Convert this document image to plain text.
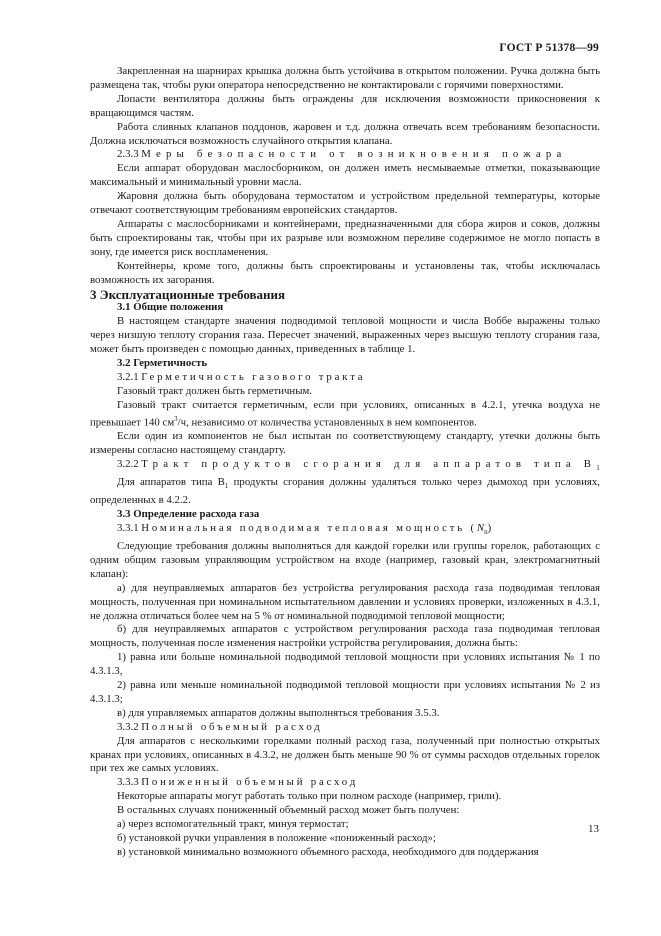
ГОСТ Р 51378—99

Закрепленная на шарнирах крышка должна быть устойчива в открытом положении. Ручка должна быть размещена так, чтобы руки оператора непосредственно не контактировали с горячими поверхностями.

Лопасти вентилятора должны быть ограждены для исключения возможности прикосновения к вращающимся частям.

Работа сливных клапанов поддонов, жаровен и т.д. должна отвечать всем требованиям безопасности. Должна исключаться возможность случайного открытия клапана.

2.3.3 Меры безопасности от возникновения пожара

Если аппарат оборудован маслосборником, он должен иметь несмываемые отметки, показывающие максимальный и минимальный уровни масла.

Жаровня должна быть оборудована термостатом и устройством предельной температуры, которые отвечают соответствующим требованиям европейских стандартов.

Аппараты с маслосборниками и контейнерами, предназначенными для сбора жиров и соков, должны быть спроектированы так, чтобы при их разрыве или возможном переливе содержимое не могло попасть в зону, где имеется риск воспламенения.

Контейнеры, кроме того, должны быть спроектированы и установлены так, чтобы исключалась возможность их загорания.

3 Эксплуатационные требования

3.1 Общие положения

В настоящем стандарте значения подводимой тепловой мощности и числа Воббе выражены только через низшую теплоту сгорания газа. Пересчет значений, выраженных через высшую теплоту сгорания газа, может быть произведен с помощью данных, приведенных в таблице 1.

3.2 Герметичность

3.2.1 Герметичность газового тракта

Газовый тракт должен быть герметичным.

Газовый тракт считается герметичным, если при условиях, описанных в 4.2.1, утечка воздуха не превышает 140 $см^3/ч$, независимо от количества установленных в нем компонентов.

Если один из компонентов не был испытан по соответствующему стандарту, утечки должны быть измерены согласно настоящему стандарту.

3.2.2 Тракт продуктов сгорания для аппаратов типа $В_1$

Для аппаратов типа $В_1$ продукты сгорания должны удаляться только через дымоход при условиях, определенных в 4.2.2.

3.3 Определение расхода газа

3.3.1 Номинальная подводимая тепловая мощность $(N_n)$

Следующие требования должны выполняться для каждой горелки или группы горелок, работающих с одним общим газовым управляющим устройством на входе (например, газовый кран, электромагнитный клапан):

а) для неуправляемых аппаратов без устройства регулирования расхода газа подводимая тепловая мощность, полученная при номинальном испытательном давлении и условиях проверки, изложенных в 4.3.1, не должна отличаться более чем на 5 % от номинальной подводимой тепловой мощности;

б) для неуправляемых аппаратов с устройством регулирования расхода газа подводимая тепловая мощность, полученная после изменения настройки устройства регулирования, должна быть:

1) равна или больше номинальной подводимой тепловой мощности при условиях испытания № 1 по 4.3.1.3,

2) равна или меньше номинальной подводимой тепловой мощности при условиях испытания № 2 из 4.3.1.3;

в) для управляемых аппаратов должны выполняться требования 3.5.3.

3.3.2 Полный объемный расход

Для аппаратов с несколькими горелками полный расход газа, полученный при полностью открытых кранах при условиях, описанных в 4.3.2, не должен быть меньше 90 % от суммы расходов отдельных горелок при тех же самых условиях.

3.3.3 Пониженный объемный расход

Некоторые аппараты могут работать только при полном расходе (например, грили).

В остальных случаях пониженный объемный расход может быть получен:

а) через вспомогательный тракт, минуя термостат;

б) установкой ручки управления в положение «пониженный расход»;

в) установкой минимально возможного объемного расхода, необходимого для поддержания

13
